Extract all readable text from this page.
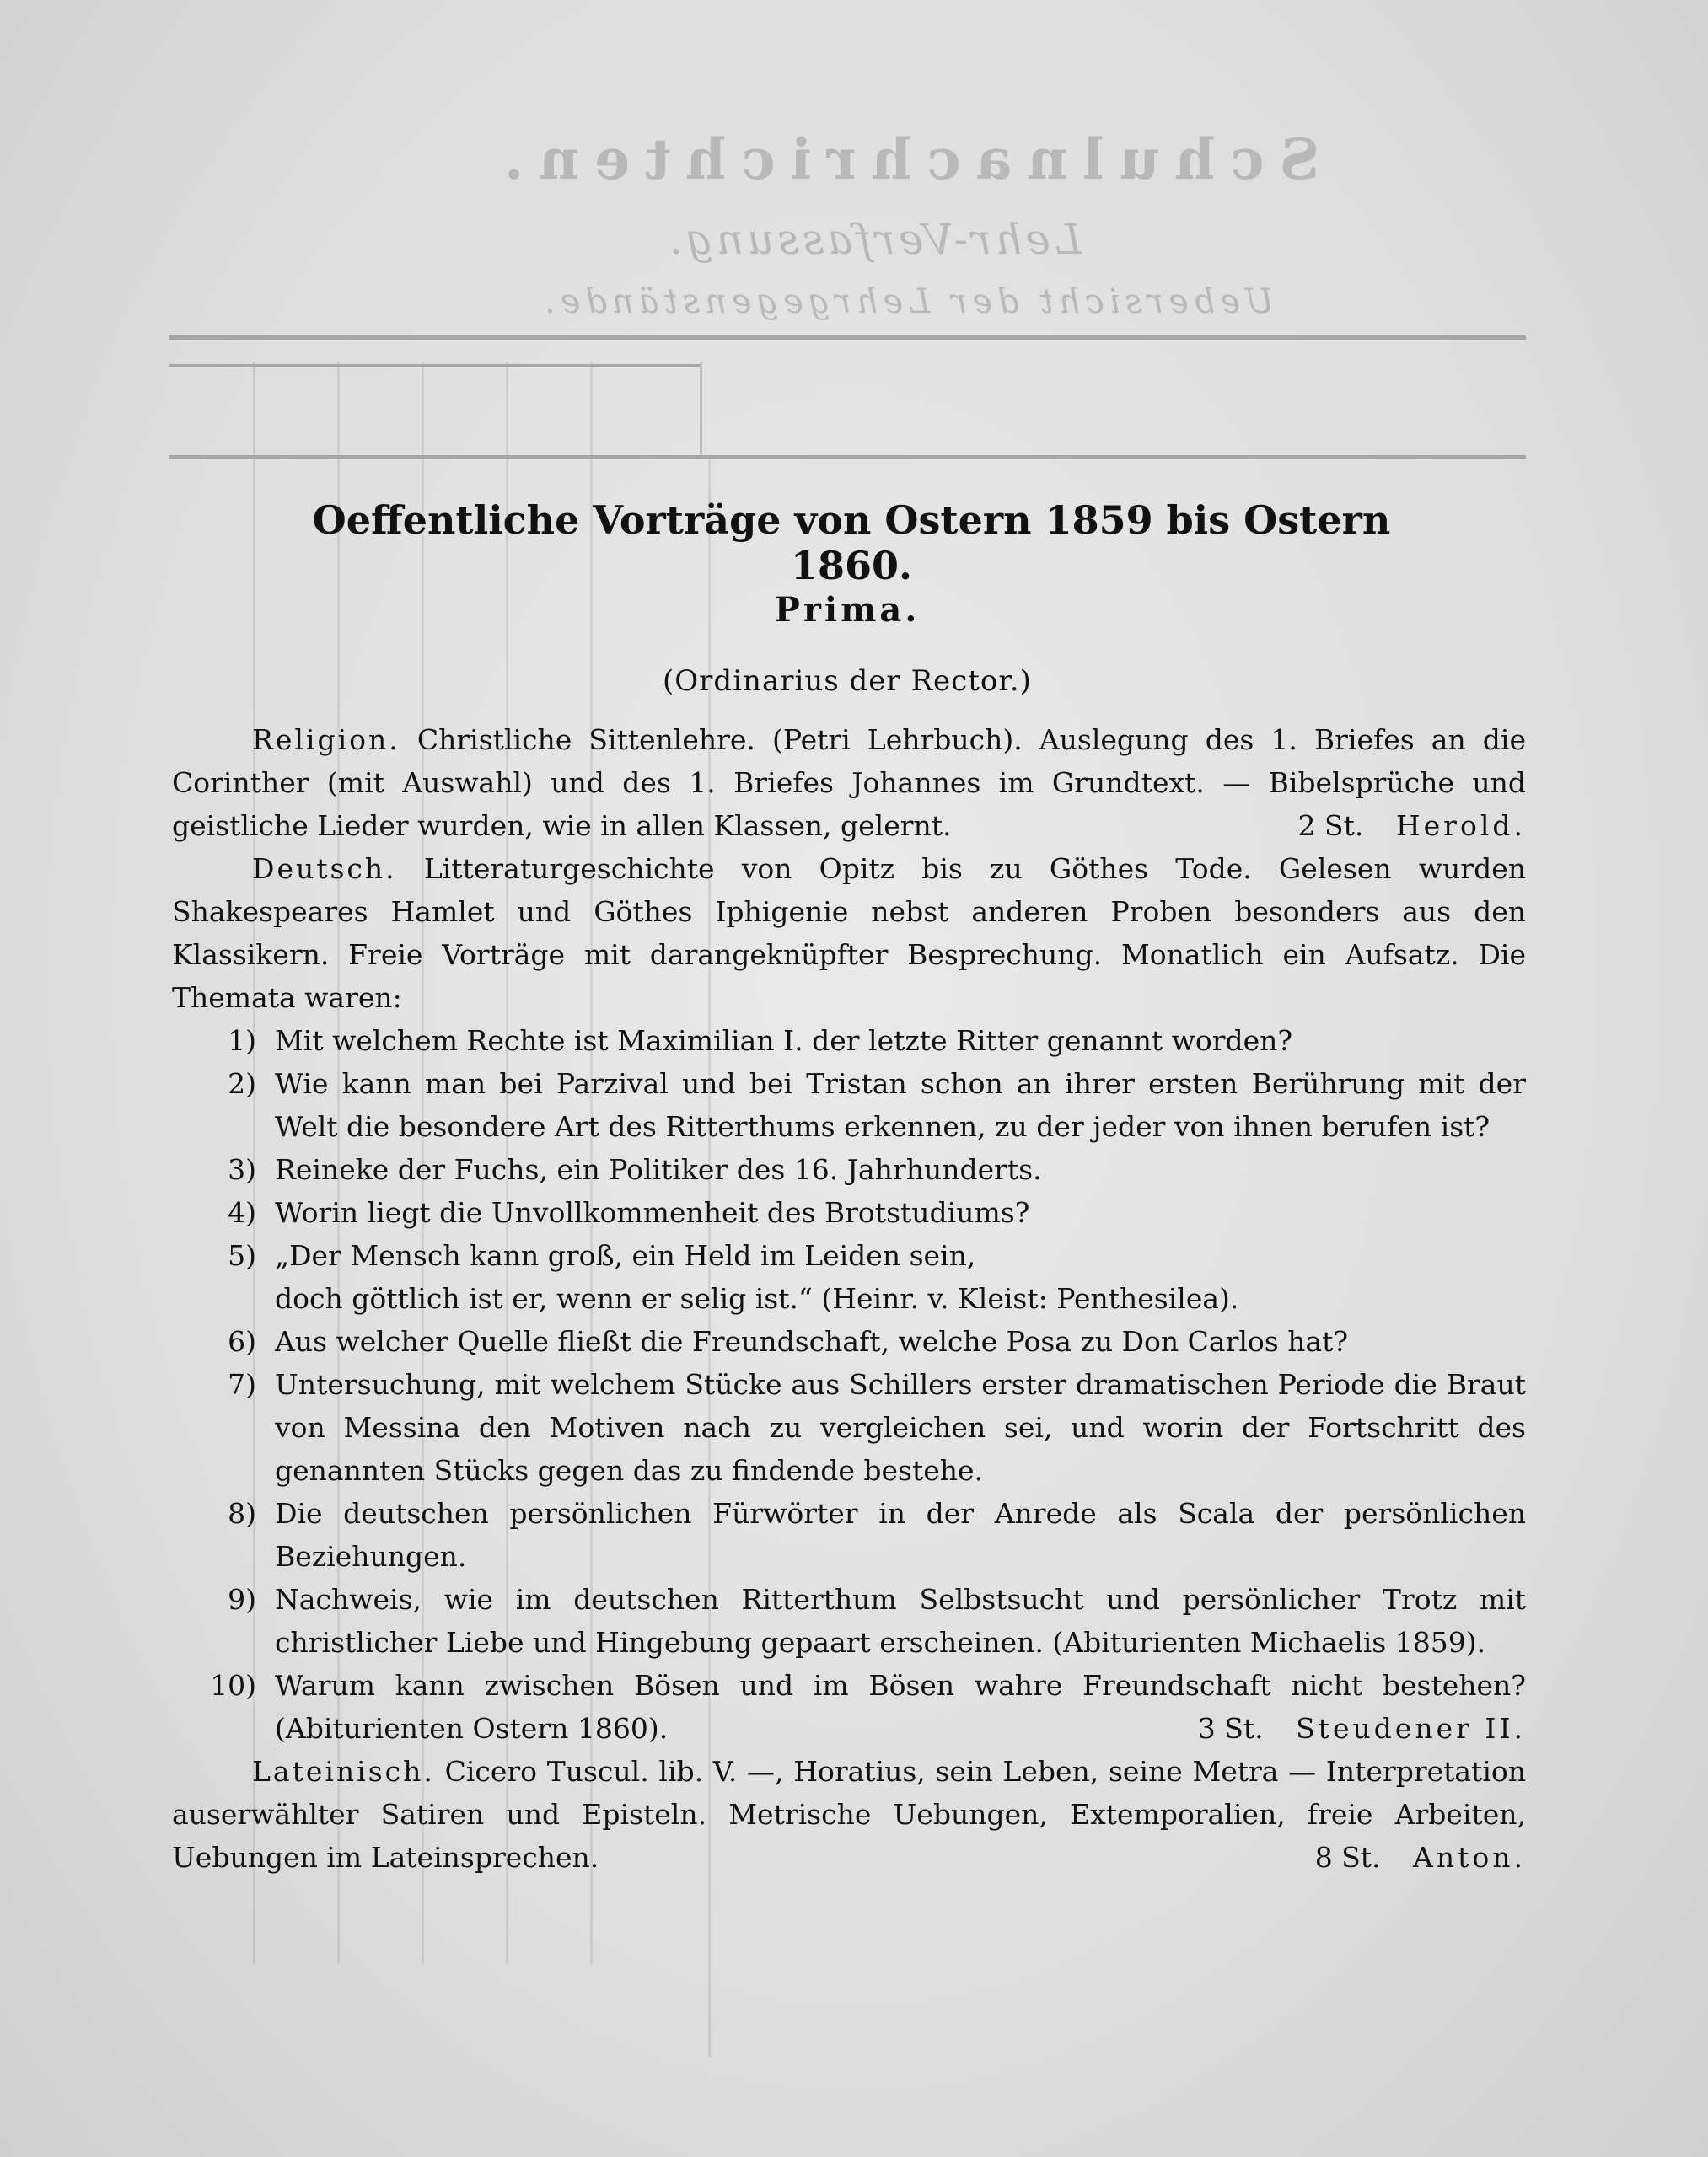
Schulnachrichten.
Lehr-Verfassung.
Uebersicht der Lehrgegenstände.
Oeffentliche Vorträge von Ostern 1859 bis Ostern 1860.
Prima.
(Ordinarius der Rector.)

Religion. Christliche Sittenlehre. (Petri Lehrbuch). Auslegung des 1. Briefes an die Corinther (mit Auswahl) und des 1. Briefes Johannes im Grundtext. — Bibelsprüche und geistliche Lieder wurden, wie in allen Klassen, gelernt.	2 St. Herold.

Deutsch. Litteraturgeschichte von Opitz bis zu Göthes Tode. Gelesen wurden Shakespeares Hamlet und Göthes Iphigenie nebst anderen Proben besonders aus den Klassikern. Freie Vorträge mit darangeknüpfter Besprechung. Monatlich ein Aufsatz. Die Themata waren:

1) Mit welchem Rechte ist Maximilian I. der letzte Ritter genannt worden?
2) Wie kann man bei Parzival und bei Tristan schon an ihrer ersten Berührung mit der Welt die besondere Art des Ritterthums erkennen, zu der jeder von ihnen berufen ist?
3) Reineke der Fuchs, ein Politiker des 16. Jahrhunderts.
4) Worin liegt die Unvollkommenheit des Brotstudiums?
5) „Der Mensch kann groß, ein Held im Leiden sein,
doch göttlich ist er, wenn er selig ist.“ (Heinr. v. Kleist: Penthesilea).
6) Aus welcher Quelle fließt die Freundschaft, welche Posa zu Don Carlos hat?
7) Untersuchung, mit welchem Stücke aus Schillers erster dramatischen Periode die Braut von Messina den Motiven nach zu vergleichen sei, und worin der Fortschritt des genannten Stücks gegen das zu findende bestehe.
8) Die deutschen persönlichen Fürwörter in der Anrede als Scala der persönlichen Beziehungen.
9) Nachweis, wie im deutschen Ritterthum Selbstsucht und persönlicher Trotz mit christlicher Liebe und Hingebung gepaart erscheinen. (Abiturienten Michaelis 1859).
10) Warum kann zwischen Bösen und im Bösen wahre Freundschaft nicht bestehen? (Abiturienten Ostern 1860).	3 St. Steudener II.

Lateinisch. Cicero Tuscul. lib. V. —, Horatius, sein Leben, seine Metra — Interpretation auserwählter Satiren und Episteln. Metrische Uebungen, Extemporalien, freie Arbeiten, Uebungen im Lateinsprechen.	8 St. Anton.
